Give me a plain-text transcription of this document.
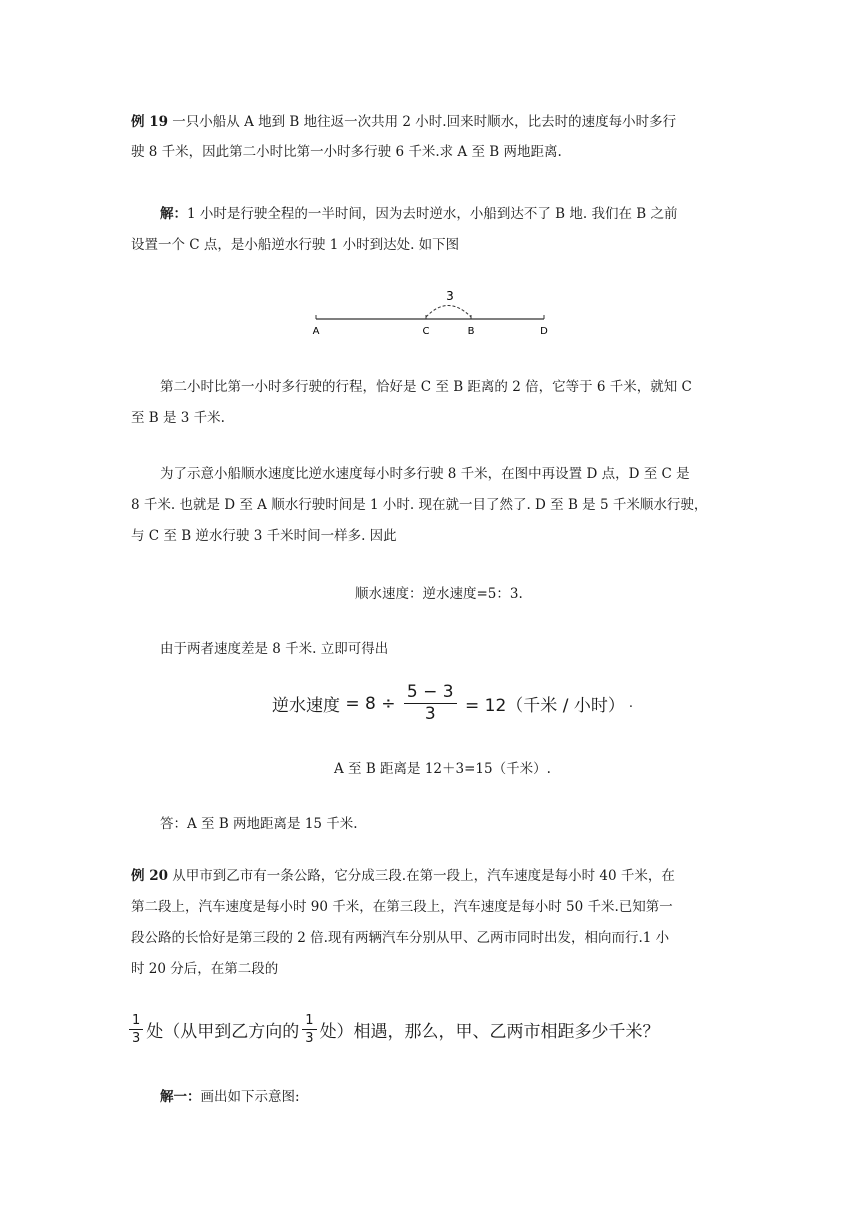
例 19 一只小船从 A 地到 B 地往返一次共用 2 小时.回来时顺水，比去时的速度每小时多行

驶 8 千米，因此第二小时比第一小时多行驶 6 千米.求 A 至 B 两地距离.

解：1 小时是行驶全程的一半时间，因为去时逆水，小船到达不了 B 地. 我们在 B 之前

设置一个 C 点，是小船逆水行驶 1 小时到达处. 如下图

3
A	C	B	D

第二小时比第一小时多行驶的行程，恰好是 C 至 B 距离的 2 倍，它等于 6 千米，就知 C

至 B 是 3 千米.

为了示意小船顺水速度比逆水速度每小时多行驶 8 千米，在图中再设置 D 点，D 至 C 是

8 千米. 也就是 D 至 A 顺水行驶时间是 1 小时. 现在就一目了然了. D 至 B 是 5 千米顺水行驶，

与 C 至 B 逆水行驶 3 千米时间一样多. 因此

顺水速度：逆水速度=5：3.

由于两者速度差是 8 千米. 立即可得出

逆水速度 = $8 \div \frac{5 - 3}{3} = 12$（千米 / 小时） .

A 至 B 距离是 12＋3=15（千米）.

答：A 至 B 两地距离是 15 千米.

例 20 从甲市到乙市有一条公路，它分成三段.在第一段上，汽车速度是每小时 40 千米，在

第二段上，汽车速度是每小时 90 千米，在第三段上，汽车速度是每小时 50 千米.已知第一

段公路的长恰好是第三段的 2 倍.现有两辆汽车分别从甲、乙两市同时出发，相向而行.1 小

时 20 分后，在第二段的

$\frac{1}{3}$ 处（从甲到乙方向的 $\frac{1}{3}$ 处）相遇，那么，甲、乙两市相距多少千米？

解一：画出如下示意图:
